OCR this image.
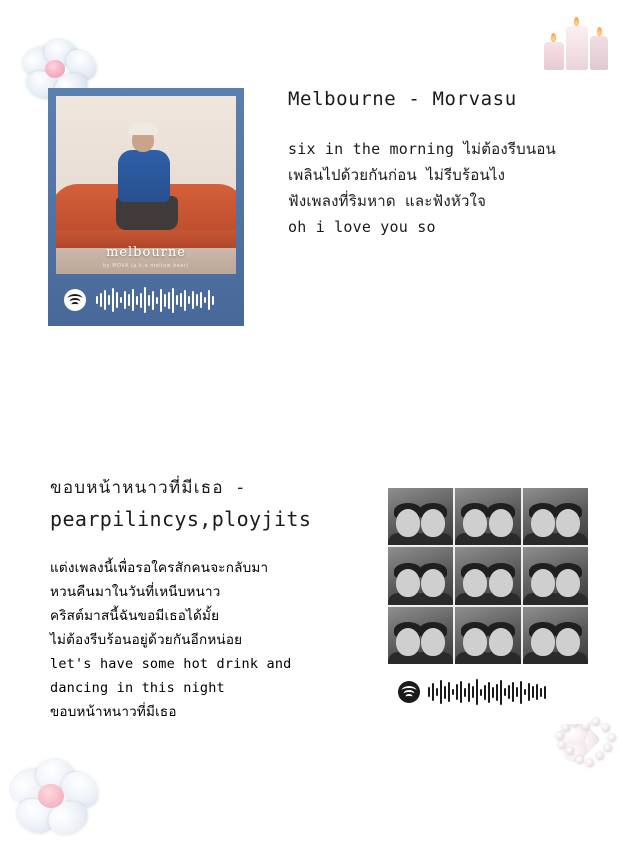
melbourne
by MOVA (a.k.a.mellow bear)
Melbourne - Morvasu
six in the morning ไม่ต้องรีบนอน
เพลินไปด้วยกันก่อน ไม่รีบร้อนไง
ฟังเพลงที่ริมหาด และฟังหัวใจ
oh i love you so
ขอบหน้าหนาวที่มีเธอ -
pearpilincys,ployjits
แต่งเพลงนี้เพื่อรอใครสักคนจะกลับมา
หวนคืนมาในวันที่เหนีบหนาว
คริสต์มาสนี้ฉันขอมีเธอได้มั้ย
ไม่ต้องรีบร้อนอยู่ด้วยกันอีกหน่อย
let's have some hot drink and
dancing in this night
ขอบหน้าหนาวที่มีเธอ
